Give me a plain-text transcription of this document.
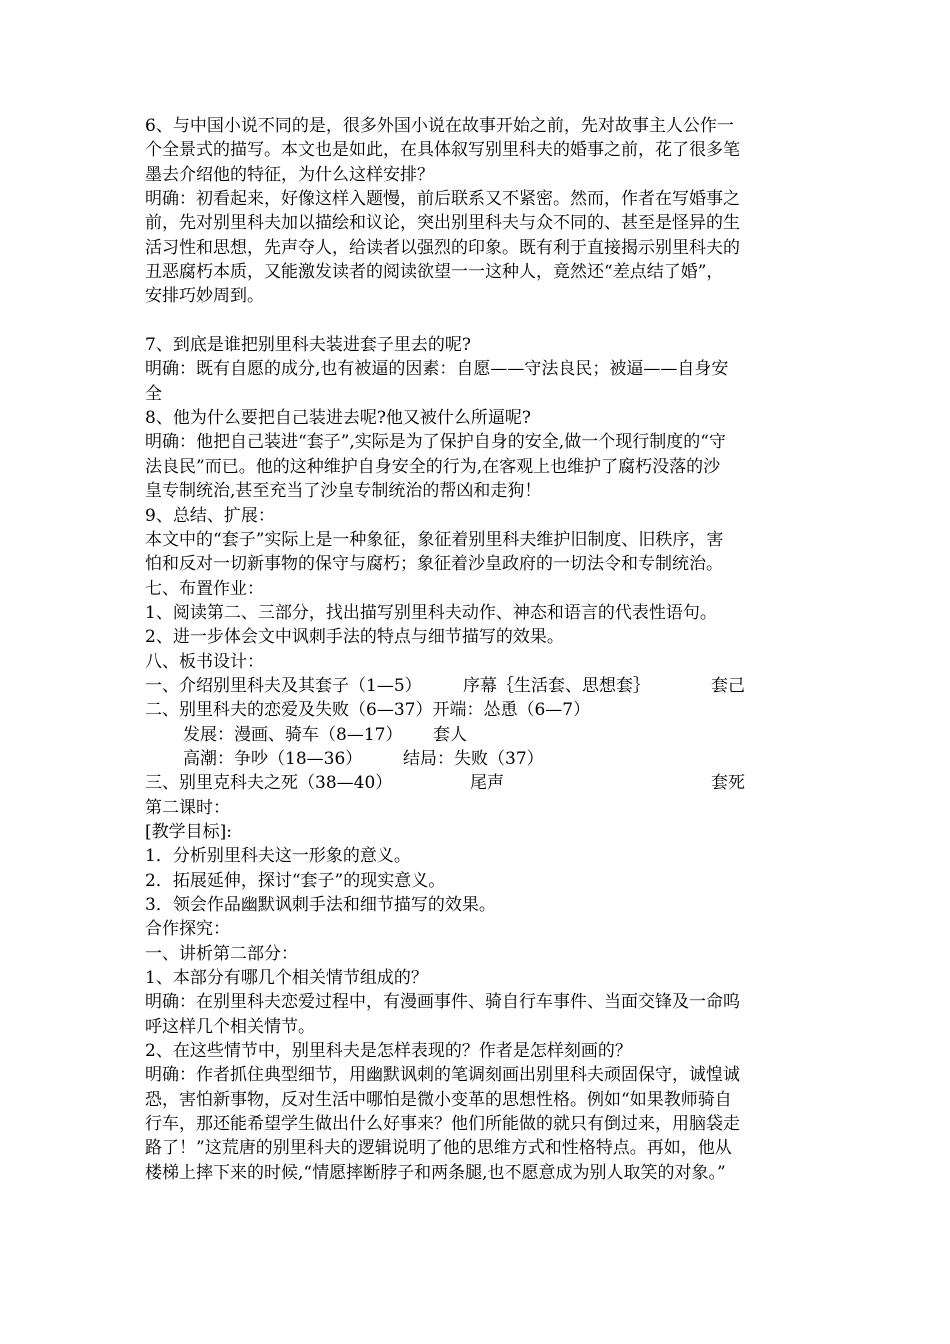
6、与中国小说不同的是，很多外国小说在故事开始之前，先对故事主人公作一
个全景式的描写。本文也是如此，在具体叙写别里科夫的婚事之前，花了很多笔
墨去介绍他的特征，为什么这样安排？
明确：初看起来，好像这样入题慢，前后联系又不紧密。然而，作者在写婚事之
前，先对别里科夫加以描绘和议论，突出别里科夫与众不同的、甚至是怪异的生
活习性和思想，先声夺人，给读者以强烈的印象。既有利于直接揭示别里科夫的
丑恶腐朽本质，又能激发读者的阅读欲望一一这种人，竟然还“差点结了婚”，
安排巧妙周到。
7、到底是谁把别里科夫装进套子里去的呢?
明确：既有自愿的成分,也有被逼的因素：自愿——守法良民；被逼——自身安
全
8、他为什么要把自己装进去呢?他又被什么所逼呢?
明确：他把自己装进“套子”,实际是为了保护自身的安全,做一个现行制度的“守
法良民”而已。他的这种维护自身安全的行为,在客观上也维护了腐朽没落的沙
皇专制统治,甚至充当了沙皇专制统治的帮凶和走狗！
9、总结、扩展：
本文中的“套子”实际上是一种象征，象征着别里科夫维护旧制度、旧秩序，害
怕和反对一切新事物的保守与腐朽；象征着沙皇政府的一切法令和专制统治。
七、布置作业：
1、阅读第二、三部分，找出描写别里科夫动作、神态和语言的代表性语句。
2、进一步体会文中讽刺手法的特点与细节描写的效果。
八、板书设计：
一、介绍别里科夫及其套子（1—5） 序幕｛生活套、思想套｝	套己
二、别里科夫的恋爱及失败（6—37）开端：怂恿（6—7）
发展：漫画、骑车（8—17） 套人
高潮：争吵（18—36） 结局：失败（37）
三、别里克科夫之死（38—40）	尾声	套死
第二课时：
[教学目标]:
1．分析别里科夫这一形象的意义。
2．拓展延伸，探讨“套子”的现实意义。
3．领会作品幽默讽刺手法和细节描写的效果。
合作探究：
一、讲析第二部分：
1、本部分有哪几个相关情节组成的？
明确：在别里科夫恋爱过程中，有漫画事件、骑自行车事件、当面交锋及一命呜
呼这样几个相关情节。
2、在这些情节中，别里科夫是怎样表现的？作者是怎样刻画的？
明确：作者抓住典型细节，用幽默讽刺的笔调刻画出别里科夫顽固保守，诚惶诚
恐，害怕新事物，反对生活中哪怕是微小变革的思想性格。例如“如果教师骑自
行车，那还能希望学生做出什么好事来？他们所能做的就只有倒过来，用脑袋走
路了！”这荒唐的别里科夫的逻辑说明了他的思维方式和性格特点。再如，他从
楼梯上摔下来的时候,“情愿摔断脖子和两条腿,也不愿意成为别人取笑的对象。”
